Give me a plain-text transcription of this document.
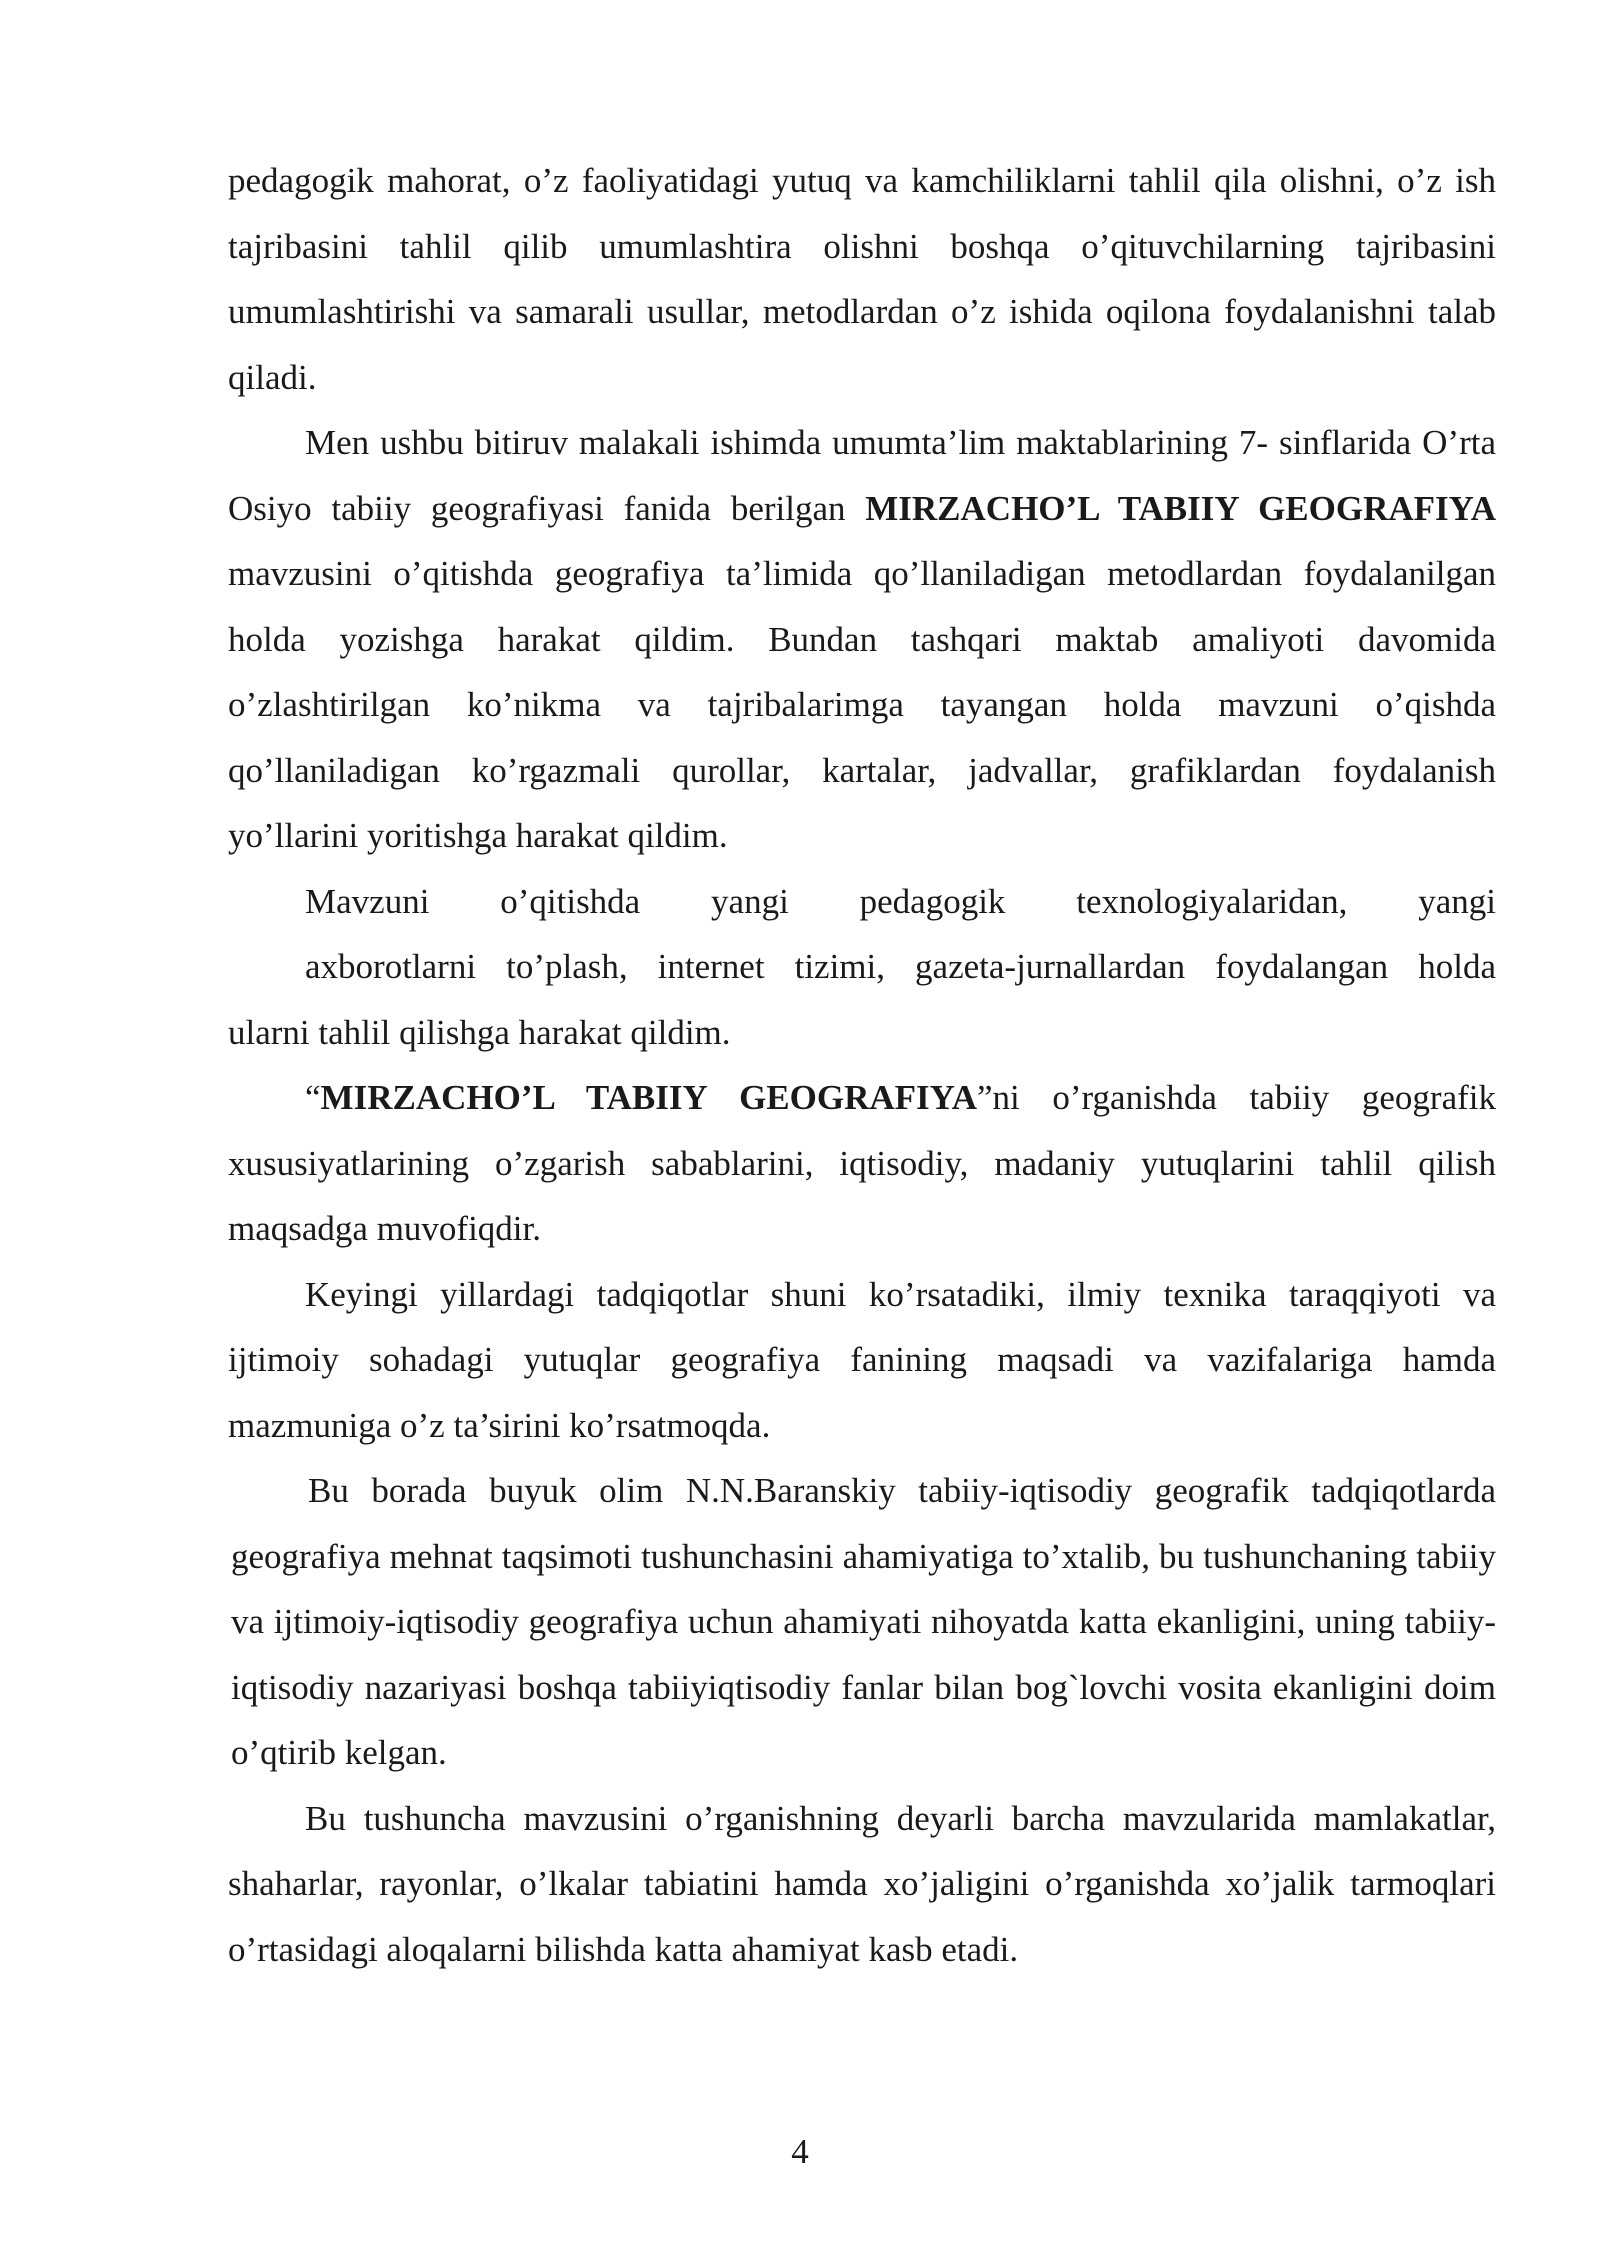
pedagogik mahorat, o’z faoliyatidagi yutuq va kamchiliklarni tahlil qila olishni, o’z ish tajribasini tahlil qilib umumlashtira olishni boshqa o’qituvchilarning tajribasini umumlashtirishi va samarali usullar, metodlardan o’z ishida oqilona foydalanishni talab qiladi.

Men ushbu bitiruv malakali ishimda umumta’lim maktablarining 7- sinflarida O’rta Osiyo tabiiy geografiyasi fanida berilgan MIRZACHO’L TABIIY GEOGRAFIYA mavzusini o’qitishda geografiya ta’limida qo’llaniladigan metodlardan foydalanilgan holda yozishga harakat qildim. Bundan tashqari maktab amaliyoti davomida o’zlashtirilgan ko’nikma va tajribalarimga tayangan holda mavzuni o’qishda qo’llaniladigan ko’rgazmali qurollar, kartalar, jadvallar, grafiklardan foydalanish yo’llarini yoritishga harakat qildim.

Mavzuni o’qitishda yangi pedagogik texnologiyalaridan, yangi
axborotlarni to’plash, internet tizimi, gazeta-jurnallardan foydalangan holda
ularni tahlil qilishga harakat qildim.

“MIRZACHO’L TABIIY GEOGRAFIYA”ni o’rganishda tabiiy geografik xususiyatlarining o’zgarish sabablarini, iqtisodiy, madaniy yutuqlarini tahlil qilish maqsadga muvofiqdir.

Keyingi yillardagi tadqiqotlar shuni ko’rsatadiki, ilmiy texnika taraqqiyoti va ijtimoiy sohadagi yutuqlar geografiya fanining maqsadi va vazifalariga hamda mazmuniga o’z ta’sirini ko’rsatmoqda.

Bu borada buyuk olim N.N.Baranskiy tabiiy-iqtisodiy geografik tadqiqotlarda geografiya mehnat taqsimoti tushunchasini ahamiyatiga to’xtalib, bu tushunchaning tabiiy va ijtimoiy-iqtisodiy geografiya uchun ahamiyati nihoyatda katta ekanligini, uning tabiiy-iqtisodiy nazariyasi boshqa tabiiyiqtisodiy fanlar bilan bog`lovchi vosita ekanligini doim o’qtirib kelgan.

Bu tushuncha mavzusini o’rganishning deyarli barcha mavzularida mamlakatlar, shaharlar, rayonlar, o’lkalar tabiatini hamda xo’jaligini o’rganishda xo’jalik tarmoqlari o’rtasidagi aloqalarni bilishda katta ahamiyat kasb etadi.

4
